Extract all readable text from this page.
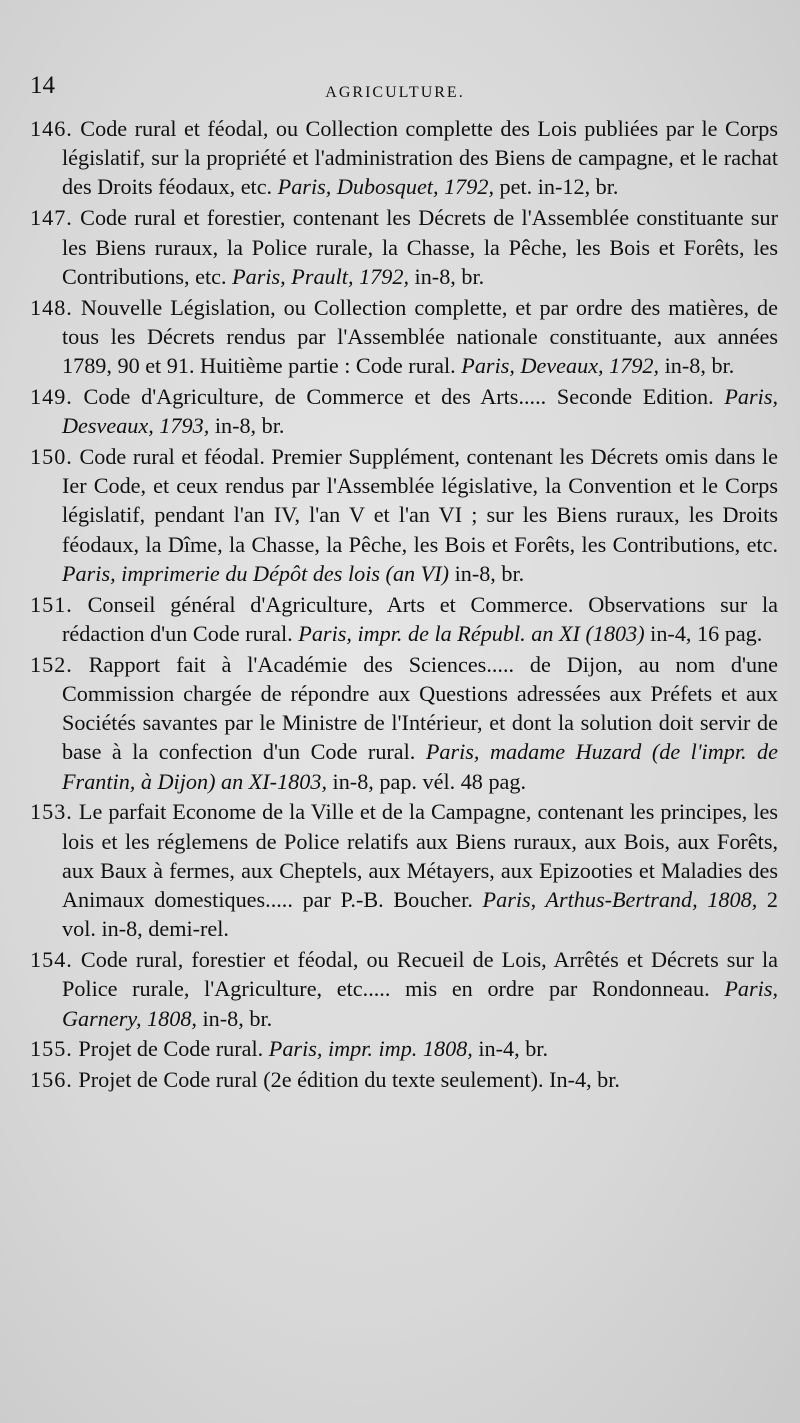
14	AGRICULTURE.

146. Code rural et féodal, ou Collection complette des Lois publiées par le Corps législatif, sur la propriété et l'administration des Biens de campagne, et le rachat des Droits féodaux, etc. Paris, Dubosquet, 1792, pet. in-12, br.

147. Code rural et forestier, contenant les Décrets de l'Assemblée constituante sur les Biens ruraux, la Police rurale, la Chasse, la Pêche, les Bois et Forêts, les Contributions, etc. Paris, Prault, 1792, in-8, br.

148. Nouvelle Législation, ou Collection complette, et par ordre des matières, de tous les Décrets rendus par l'Assemblée nationale constituante, aux années 1789, 90 et 91. Huitième partie : Code rural. Paris, Deveaux, 1792, in-8, br.

149. Code d'Agriculture, de Commerce et des Arts..... Seconde Edition. Paris, Desveaux, 1793, in-8, br.

150. Code rural et féodal. Premier Supplément, contenant les Décrets omis dans le Ier Code, et ceux rendus par l'Assemblée législative, la Convention et le Corps législatif, pendant l'an IV, l'an V et l'an VI ; sur les Biens ruraux, les Droits féodaux, la Dîme, la Chasse, la Pêche, les Bois et Forêts, les Contributions, etc. Paris, imprimerie du Dépôt des lois (an VI) in-8, br.

151. Conseil général d'Agriculture, Arts et Commerce. Observations sur la rédaction d'un Code rural. Paris, impr. de la Républ. an XI (1803) in-4, 16 pag.

152. Rapport fait à l'Académie des Sciences..... de Dijon, au nom d'une Commission chargée de répondre aux Questions adressées aux Préfets et aux Sociétés savantes par le Ministre de l'Intérieur, et dont la solution doit servir de base à la confection d'un Code rural. Paris, madame Huzard (de l'impr. de Frantin, à Dijon) an XI-1803, in-8, pap. vél. 48 pag.

153. Le parfait Econome de la Ville et de la Campagne, contenant les principes, les lois et les réglemens de Police relatifs aux Biens ruraux, aux Bois, aux Forêts, aux Baux à fermes, aux Cheptels, aux Métayers, aux Epizooties et Maladies des Animaux domestiques..... par P.-B. Boucher. Paris, Arthus-Bertrand, 1808, 2 vol. in-8, demi-rel.

154. Code rural, forestier et féodal, ou Recueil de Lois, Arrêtés et Décrets sur la Police rurale, l'Agriculture, etc..... mis en ordre par Rondonneau. Paris, Garnery, 1808, in-8, br.

155. Projet de Code rural. Paris, impr. imp. 1808, in-4, br.

156. Projet de Code rural (2e édition du texte seulement). In-4, br.
